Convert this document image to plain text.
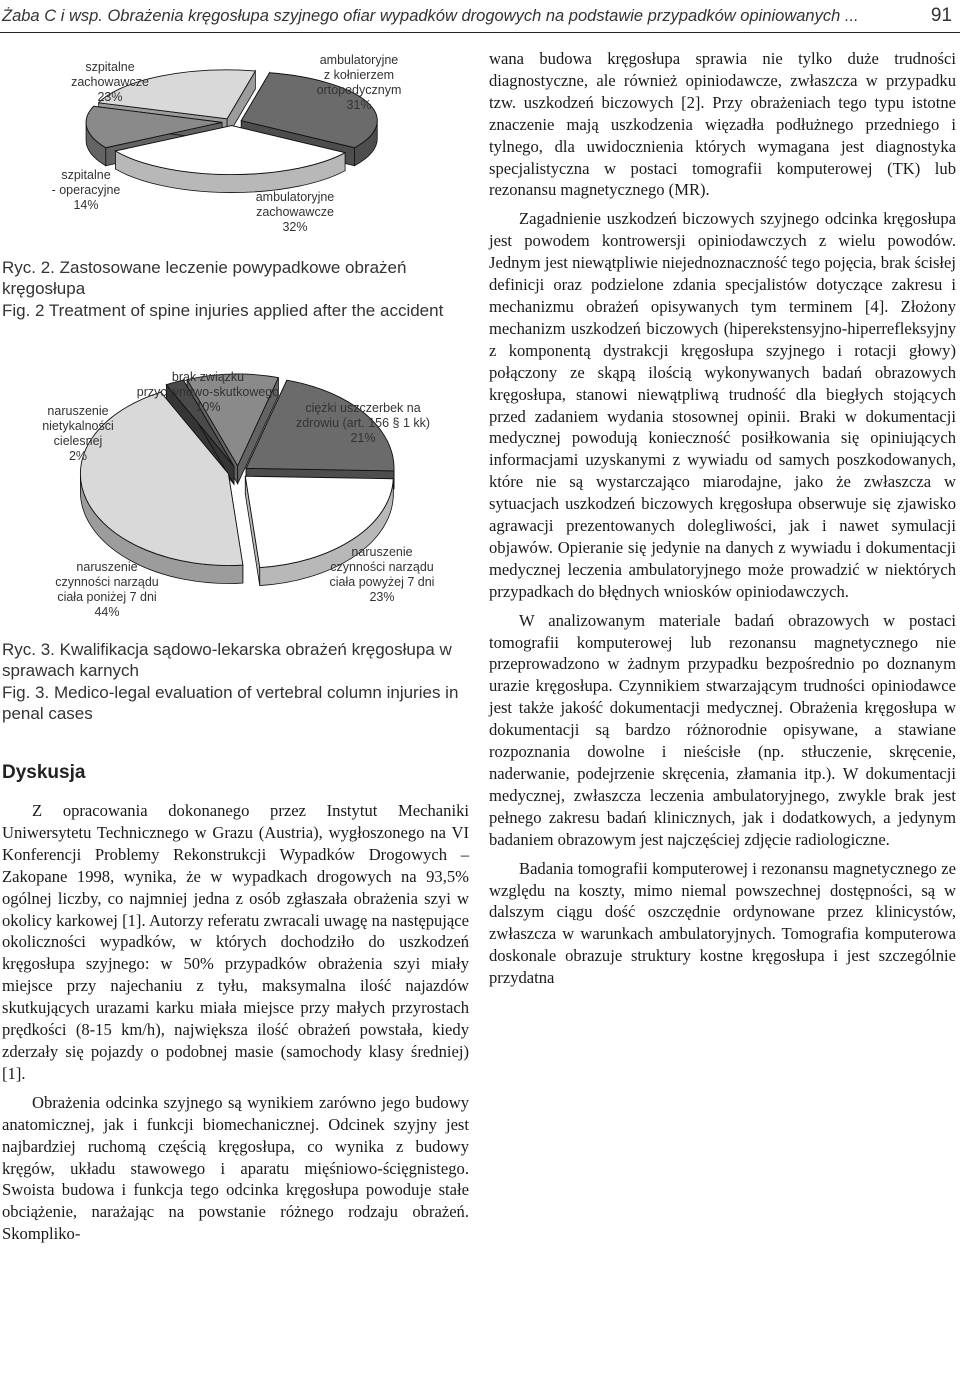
Żaba C i wsp. Obrażenia kręgosłupa szyjnego ofiar wypadków drogowych na podstawie przypadków opiniowanych ...	91
szpitalne
zachowawcze
23%
ambulatoryjne
z kołnierzem
ortopedycznym
31%
szpitalne
- operacyjne
14%
ambulatoryjne
zachowawcze
32%
Ryc. 2. Zastosowane leczenie powypadkowe obrażeń kręgosłupa
Fig. 2 Treatment of spine injuries applied after the accident
brak związku
przyczynowo-skutkowego
10%
naruszenie
nietykalności
cielesnej
2%
ciężki uszczerbek na
zdrowiu (art. 156 § 1 kk)
21%
naruszenie
czynności narządu
ciała powyżej 7 dni
23%
naruszenie
czynności narządu
ciała poniżej 7 dni
44%
Ryc. 3. Kwalifikacja sądowo-lekarska obrażeń kręgosłupa w sprawach karnych
Fig. 3. Medico-legal evaluation of vertebral column injuries in penal cases
Dyskusja

Z opracowania dokonanego przez Instytut Mechaniki Uniwersytetu Technicznego w Grazu (Austria), wygłoszonego na VI Konferencji Problemy Rekonstrukcji Wypadków Drogowych – Zakopane 1998, wynika, że w wypadkach drogowych na 93,5% ogólnej liczby, co najmniej jedna z osób zgłaszała obrażenia szyi w okolicy karkowej [1]. Autorzy referatu zwracali uwagę na następujące okoliczności wypadków, w których dochodziło do uszkodzeń kręgosłupa szyjnego: w 50% przypadków obrażenia szyi miały miejsce przy najechaniu z tyłu, maksymalna ilość najazdów skutkujących urazami karku miała miejsce przy małych przyrostach prędkości (8-15 km/h), największa ilość obrażeń powstała, kiedy zderzały się pojazdy o podobnej masie (samochody klasy średniej) [1].

Obrażenia odcinka szyjnego są wynikiem zarówno jego budowy anatomicznej, jak i funkcji biomechanicznej. Odcinek szyjny jest najbardziej ruchomą częścią kręgosłupa, co wynika z budowy kręgów, układu stawowego i aparatu mięśniowo-ścięgnistego. Swoista budowa i funkcja tego odcinka kręgosłupa powoduje stałe obciążenie, narażając na powstanie różnego rodzaju obrażeń. Skompliko-

wana budowa kręgosłupa sprawia nie tylko duże trudności diagnostyczne, ale również opiniodawcze, zwłaszcza w przypadku tzw. uszkodzeń biczowych [2]. Przy obrażeniach tego typu istotne znaczenie mają uszkodzenia więzadła podłużnego przedniego i tylnego, dla uwidocznienia których wymagana jest diagnostyka specjalistyczna w postaci tomografii komputerowej (TK) lub rezonansu magnetycznego (MR).

Zagadnienie uszkodzeń biczowych szyjnego odcinka kręgosłupa jest powodem kontrowersji opiniodawczych z wielu powodów. Jednym jest niewątpliwie niejednoznaczność tego pojęcia, brak ścisłej definicji oraz podzielone zdania specjalistów dotyczące zakresu i mechanizmu obrażeń opisywanych tym terminem [4]. Złożony mechanizm uszkodzeń biczowych (hiperekstensyjno-hiperrefleksyjny z komponentą dystrakcji kręgosłupa szyjnego i rotacji głowy) połączony ze skąpą ilością wykonywanych badań obrazowych kręgosłupa, stanowi niewątpliwą trudność dla biegłych stojących przed zadaniem wydania stosownej opinii. Braki w dokumentacji medycznej powodują konieczność posiłkowania się opiniujących informacjami uzyskanymi z wywiadu od samych poszkodowanych, które nie są wystarczająco miarodajne, jako że zwłaszcza w sytuacjach uszkodzeń biczowych kręgosłupa obserwuje się zjawisko agrawacji prezentowanych dolegliwości, jak i nawet symulacji objawów. Opieranie się jedynie na danych z wywiadu i dokumentacji medycznej leczenia ambulatoryjnego może prowadzić w niektórych przypadkach do błędnych wniosków opiniodawczych.

W analizowanym materiale badań obrazowych w postaci tomografii komputerowej lub rezonansu magnetycznego nie przeprowadzono w żadnym przypadku bezpośrednio po doznanym urazie kręgosłupa. Czynnikiem stwarzającym trudności opiniodawce jest także jakość dokumentacji medycznej. Obrażenia kręgosłupa w dokumentacji są bardzo różnorodnie opisywane, a stawiane rozpoznania dowolne i nieścisłe (np. stłuczenie, skręcenie, naderwanie, podejrzenie skręcenia, złamania itp.). W dokumentacji medycznej, zwłaszcza leczenia ambulatoryjnego, zwykle brak jest pełnego zakresu badań klinicznych, jak i dodatkowych, a jedynym badaniem obrazowym jest najczęściej zdjęcie radiologiczne.

Badania tomografii komputerowej i rezonansu magnetycznego ze względu na koszty, mimo niemal powszechnej dostępności, są w dalszym ciągu dość oszczędnie ordynowane przez klinicystów, zwłaszcza w warunkach ambulatoryjnych. Tomografia komputerowa doskonale obrazuje struktury kostne kręgosłupa i jest szczególnie przydatna
